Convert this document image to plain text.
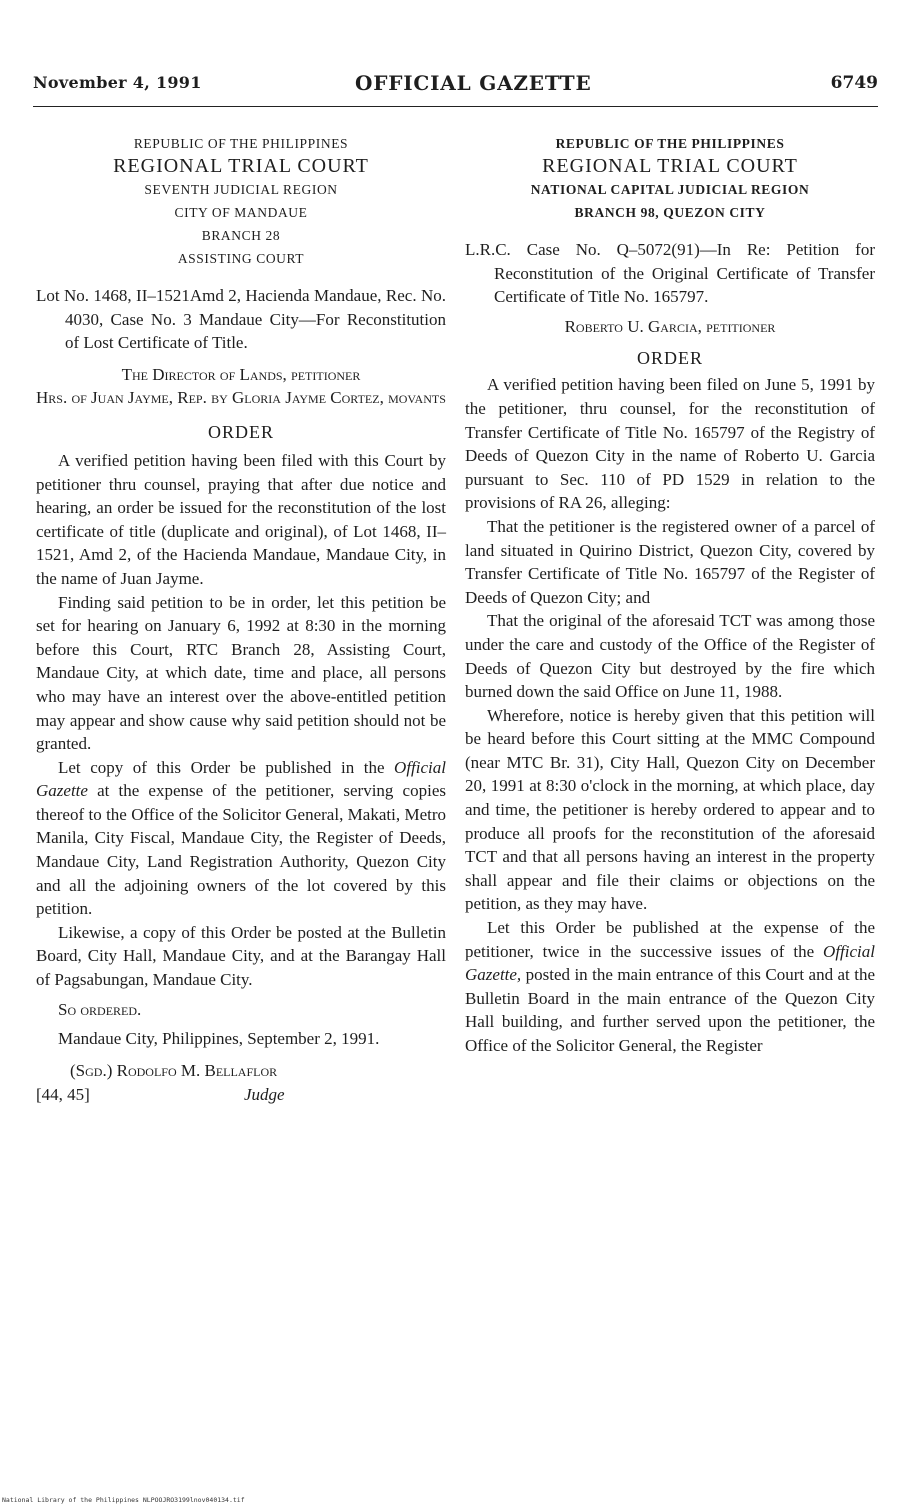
November 4, 1991	OFFICIAL GAZETTE	6749
REPUBLIC OF THE PHILIPPINES
REGIONAL TRIAL COURT
SEVENTH JUDICIAL REGION
CITY OF MANDAUE
BRANCH 28
ASSISTING COURT

Lot No. 1468, II–1521Amd 2, Hacienda Mandaue, Rec. No. 4030, Case No. 3 Mandaue City—For Reconstitution of Lost Certificate of Title.

The Director of Lands, petitioner

Hrs. of Juan Jayme, Rep. by Gloria Jayme Cortez, movants

ORDER

A verified petition having been filed with this Court by petitioner thru counsel, praying that after due notice and hearing, an order be issued for the reconstitution of the lost certificate of title (duplicate and original), of Lot 1468, II–1521, Amd 2, of the Hacienda Mandaue, Mandaue City, in the name of Juan Jayme.

Finding said petition to be in order, let this petition be set for hearing on January 6, 1992 at 8:30 in the morning before this Court, RTC Branch 28, Assisting Court, Mandaue City, at which date, time and place, all persons who may have an interest over the above-entitled petition may appear and show cause why said petition should not be granted.

Let copy of this Order be published in the Official Gazette at the expense of the petitioner, serving copies thereof to the Office of the Solicitor General, Makati, Metro Manila, City Fiscal, Mandaue City, the Register of Deeds, Mandaue City, Land Registration Authority, Quezon City and all the adjoining owners of the lot covered by this petition.

Likewise, a copy of this Order be posted at the Bulletin Board, City Hall, Mandaue City, and at the Barangay Hall of Pagsabungan, Mandaue City.

So ordered.

Mandaue City, Philippines, September 2, 1991.

(Sgd.) Rodolfo M. Bellaflor
[44, 45]	Judge
REPUBLIC OF THE PHILIPPINES
REGIONAL TRIAL COURT
NATIONAL CAPITAL JUDICIAL REGION
BRANCH 98, QUEZON CITY

L.R.C. Case No. Q–5072(91)—In Re: Petition for Reconstitution of the Original Certificate of Transfer Certificate of Title No. 165797.

Roberto U. Garcia, petitioner

ORDER

A verified petition having been filed on June 5, 1991 by the petitioner, thru counsel, for the reconstitution of Transfer Certificate of Title No. 165797 of the Registry of Deeds of Quezon City in the name of Roberto U. Garcia pursuant to Sec. 110 of PD 1529 in relation to the provisions of RA 26, alleging:

That the petitioner is the registered owner of a parcel of land situated in Quirino District, Quezon City, covered by Transfer Certificate of Title No. 165797 of the Register of Deeds of Quezon City; and

That the original of the aforesaid TCT was among those under the care and custody of the Office of the Register of Deeds of Quezon City but destroyed by the fire which burned down the said Office on June 11, 1988.

Wherefore, notice is hereby given that this petition will be heard before this Court sitting at the MMC Compound (near MTC Br. 31), City Hall, Quezon City on December 20, 1991 at 8:30 o'clock in the morning, at which place, day and time, the petitioner is hereby ordered to appear and to produce all proofs for the reconstitution of the aforesaid TCT and that all persons having an interest in the property shall appear and file their claims or objections on the petition, as they may have.

Let this Order be published at the expense of the petitioner, twice in the successive issues of the Official Gazette, posted in the main entrance of this Court and at the Bulletin Board in the main entrance of the Quezon City Hall building, and further served upon the petitioner, the Office of the Solicitor General, the Register

National Library of the Philippines NLPOOJRO3199lnov040134.tif
